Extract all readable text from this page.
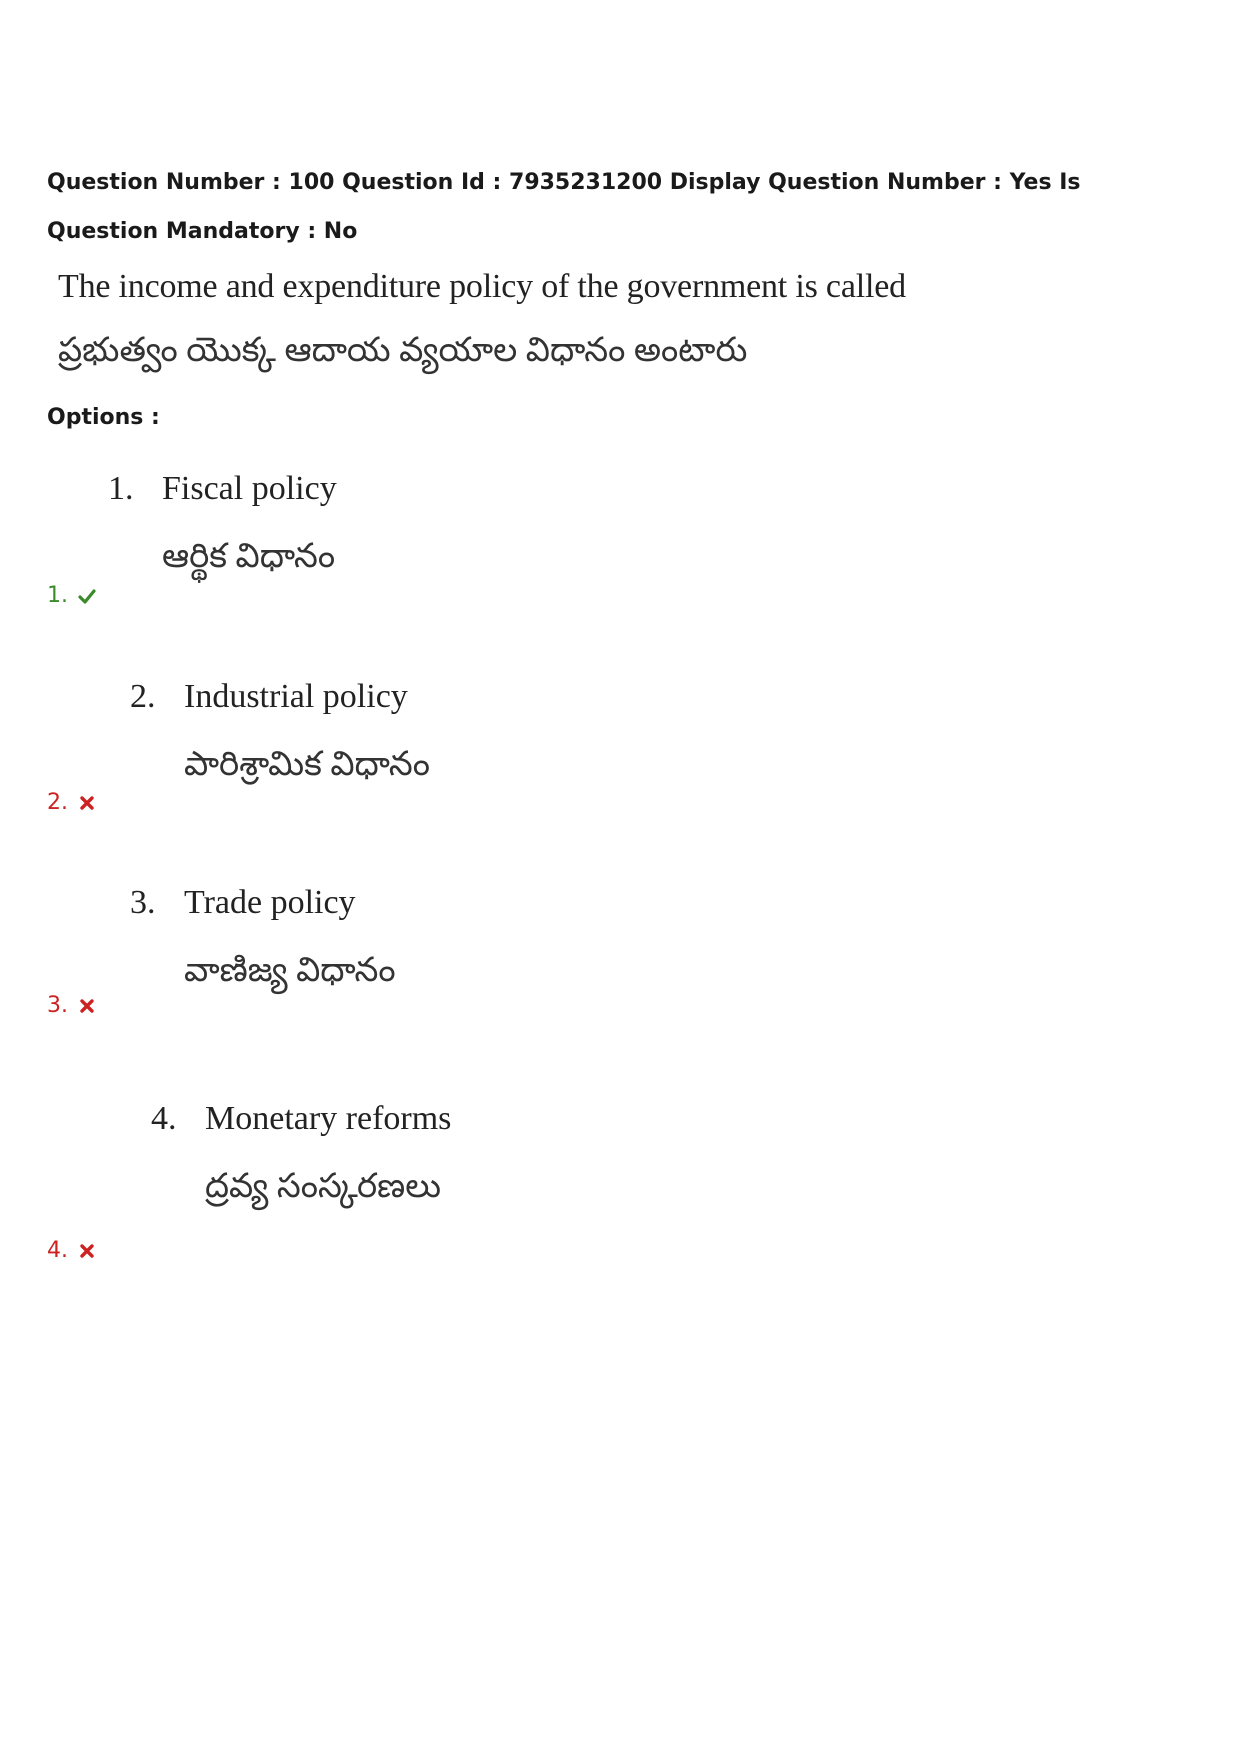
Question Number : 100 Question Id : 7935231200 Display Question Number : Yes Is Question Mandatory : No
The income and expenditure policy of the government is called
ప్రభుత్వం యొక్క ఆదాయ వ్యయాల విధానం అంటారు
Options :
1. Fiscal policy
ఆర్థిక విధానం
1.
2. Industrial policy
పారిశ్రామిక విధానం
2.
3. Trade policy
వాణిజ్య విధానం
3.
4. Monetary reforms
ద్రవ్య సంస్కరణలు
4.
